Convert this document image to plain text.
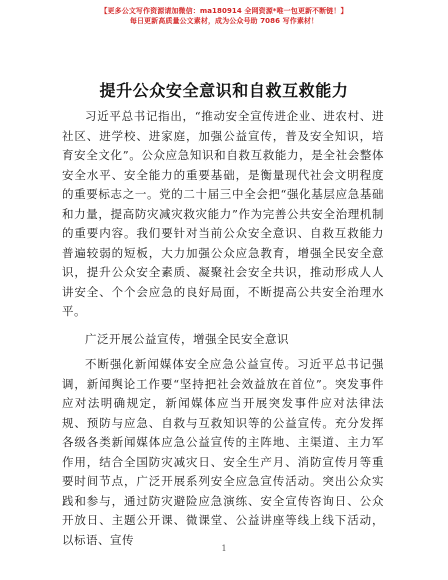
【更多公文写作资源请加微信：ma180914 全网资源*唯一包更新不断链！】
每日更新高质量公文素材，成为公众号助 7086 写作素材！
提升公众安全意识和自救互救能力

习近平总书记指出，“推动安全宣传进企业、进农村、进社区、进学校、进家庭，加强公益宣传，普及安全知识，培育安全文化”。公众应急知识和自救互救能力，是全社会整体安全水平、安全能力的重要基础，是衡量现代社会文明程度的重要标志之一。党的二十届三中全会把“强化基层应急基础和力量，提高防灾减灾救灾能力”作为完善公共安全治理机制的重要内容。我们要针对当前公众安全意识、自救互救能力普遍较弱的短板，大力加强公众应急教育，增强全民安全意识，提升公众安全素质、凝聚社会安全共识，推动形成人人讲安全、个个会应急的良好局面，不断提高公共安全治理水平。

广泛开展公益宣传，增强全民安全意识

不断强化新闻媒体安全应急公益宣传。习近平总书记强调，新闻舆论工作要“坚持把社会效益放在首位”。突发事件应对法明确规定，新闻媒体应当开展突发事件应对法律法规、预防与应急、自救与互救知识等的公益宣传。充分发挥各级各类新闻媒体应急公益宣传的主阵地、主渠道、主力军作用，结合全国防灾减灾日、安全生产月、消防宣传月等重要时间节点，广泛开展系列安全应急宣传活动。突出公众实践和参与，通过防灾避险应急演练、安全宣传咨询日、公众开放日、主题公开课、微课堂、公益讲座等线上线下活动，以标语、宣传

1
